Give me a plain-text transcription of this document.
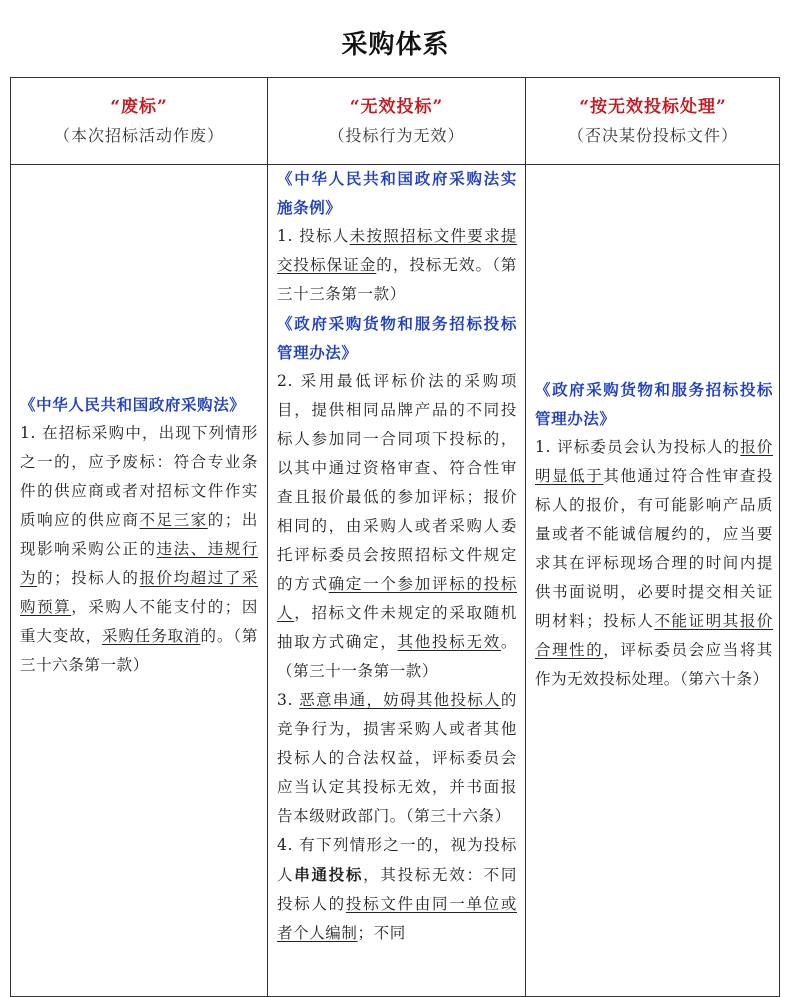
采购体系
“废标”
（本次招标活动作废）
“无效投标”
（投标行为无效）
“按无效投标处理”
（否决某份投标文件）

《中华人民共和国政府采购法》

1. 在招标采购中，出现下列情形之一的，应予废标：符合专业条件的供应商或者对招标文件作实质响应的供应商不足三家的；出现影响采购公正的违法、违规行为的；投标人的报价均超过了采购预算，采购人不能支付的；因重大变故，采购任务取消的。（第三十六条第一款）

《中华人民共和国政府采购法实施条例》

1. 投标人未按照招标文件要求提交投标保证金的，投标无效。（第三十三条第一款）

《政府采购货物和服务招标投标管理办法》

2. 采用最低评标价法的采购项目，提供相同品牌产品的不同投标人参加同一合同项下投标的，以其中通过资格审查、符合性审查且报价最低的参加评标；报价相同的，由采购人或者采购人委托评标委员会按照招标文件规定的方式确定一个参加评标的投标人，招标文件未规定的采取随机抽取方式确定，其他投标无效。（第三十一条第一款）

3. 恶意串通，妨碍其他投标人的竞争行为，损害采购人或者其他投标人的合法权益，评标委员会应当认定其投标无效，并书面报告本级财政部门。（第三十六条）

4. 有下列情形之一的，视为投标人串通投标，其投标无效：不同投标人的投标文件由同一单位或者个人编制；不同

《政府采购货物和服务招标投标管理办法》

1. 评标委员会认为投标人的报价明显低于其他通过符合性审查投标人的报价，有可能影响产品质量或者不能诚信履约的，应当要求其在评标现场合理的时间内提供书面说明，必要时提交相关证明材料；投标人不能证明其报价合理性的，评标委员会应当将其作为无效投标处理。（第六十条）
